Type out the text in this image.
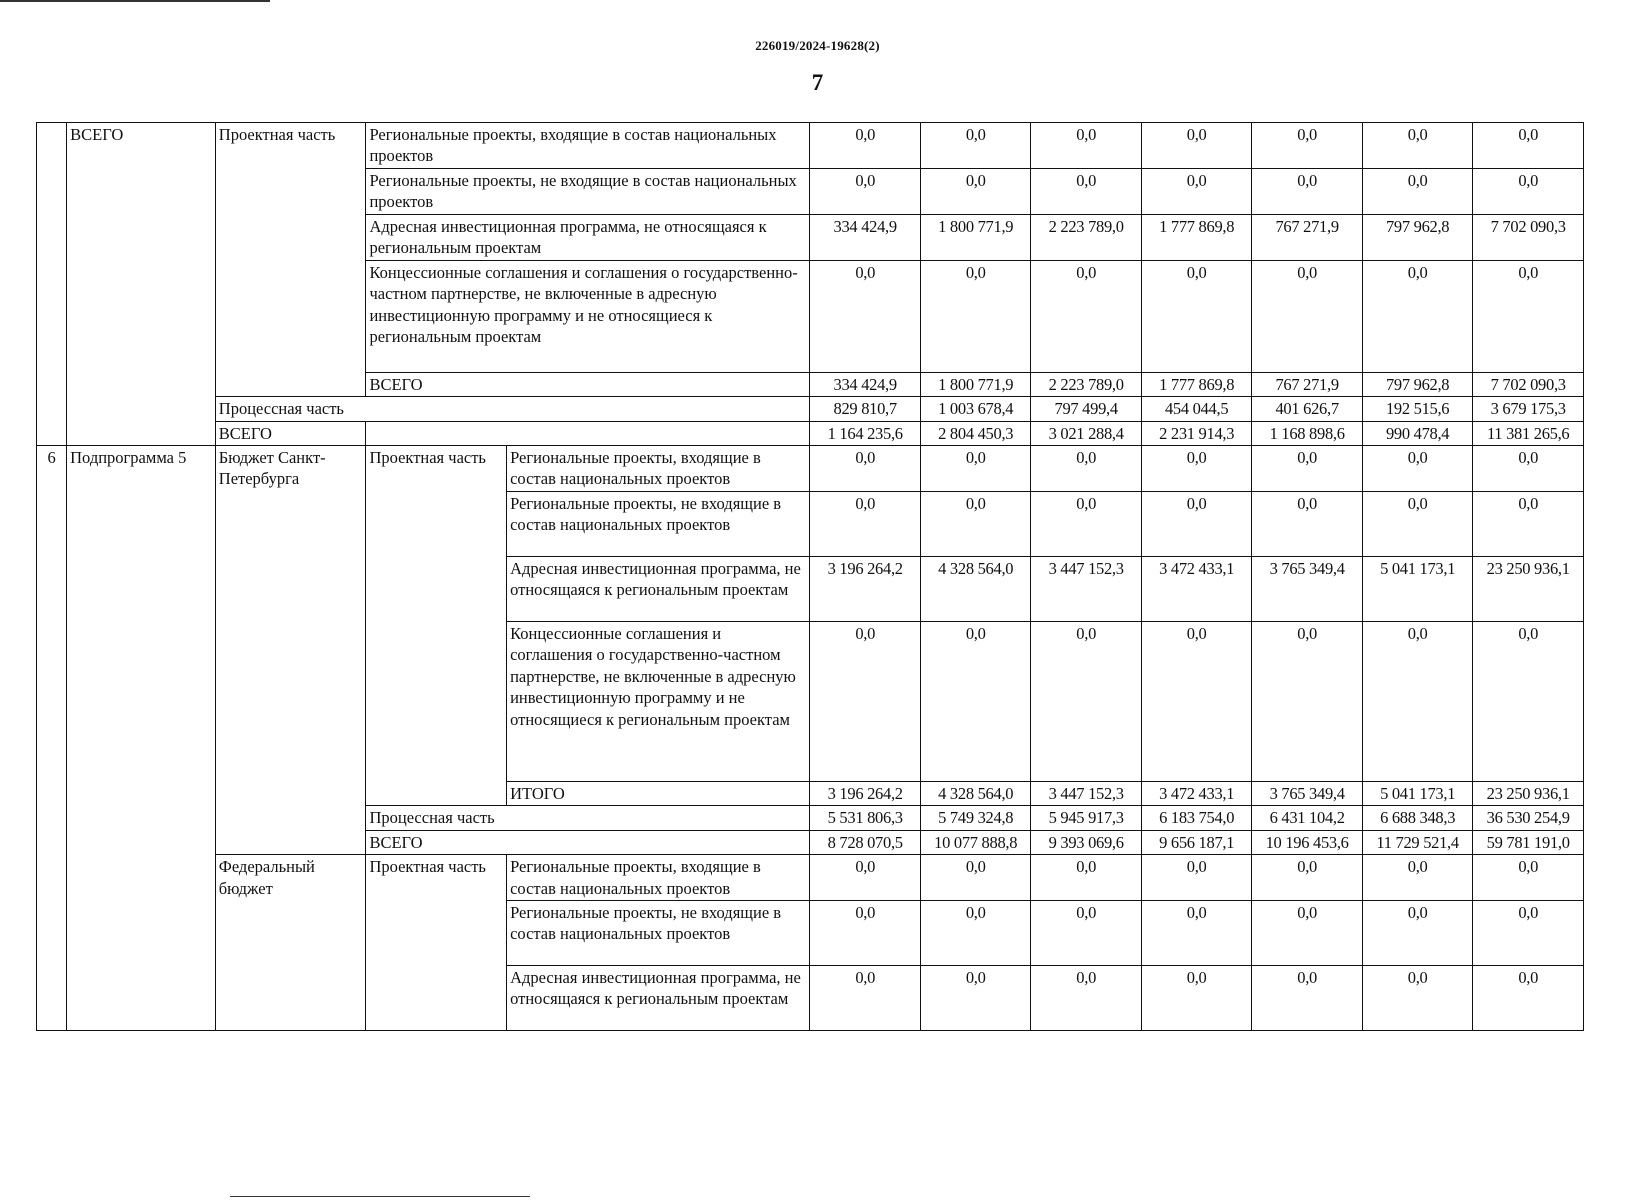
226019/2024-19628(2)
7
	ВСЕГО	Проектная часть	Региональные проекты, входящие в состав национальных проектов		0,0	0,0	0,0	0,0	0,0	0,0	0,0
			Региональные проекты, не входящие в состав национальных проектов		0,0	0,0	0,0	0,0	0,0	0,0	0,0
			Адресная инвестиционная программа, не относящаяся к региональным проектам		334 424,9	1 800 771,9	2 223 789,0	1 777 869,8	767 271,9	797 962,8	7 702 090,3
			Концессионные соглашения и соглашения о государственно-частном партнерстве, не включенные в адресную инвестиционную программу и не относящиеся к региональным проектам		0,0	0,0	0,0	0,0	0,0	0,0	0,0
			ВСЕГО		334 424,9	1 800 771,9	2 223 789,0	1 777 869,8	767 271,9	797 962,8	7 702 090,3
		Процессная часть			829 810,7	1 003 678,4	797 499,4	454 044,5	401 626,7	192 515,6	3 679 175,3
		ВСЕГО			1 164 235,6	2 804 450,3	3 021 288,4	2 231 914,3	1 168 898,6	990 478,4	11 381 265,6
6	Подпрограмма 5	Бюджет Санкт-Петербурга	Проектная часть	Региональные проекты, входящие в состав национальных проектов	0,0	0,0	0,0	0,0	0,0	0,0	0,0
				Региональные проекты, не входящие в состав национальных проектов	0,0	0,0	0,0	0,0	0,0	0,0	0,0
				Адресная инвестиционная программа, не относящаяся к региональным проектам	3 196 264,2	4 328 564,0	3 447 152,3	3 472 433,1	3 765 349,4	5 041 173,1	23 250 936,1
				Концессионные соглашения и соглашения о государственно-частном партнерстве, не включенные в адресную инвестиционную программу и не относящиеся к региональным проектам	0,0	0,0	0,0	0,0	0,0	0,0	0,0
				ИТОГО	3 196 264,2	4 328 564,0	3 447 152,3	3 472 433,1	3 765 349,4	5 041 173,1	23 250 936,1

			Процессная часть		5 531 806,3	5 749 324,8	5 945 917,3	6 183 754,0	6 431 104,2	6 688 348,3	36 530 254,9
			ВСЕГО		8 728 070,5	10 077 888,8	9 393 069,6	9 656 187,1	10 196 453,6	11 729 521,4	59 781 191,0
		Федеральный бюджет	Проектная часть	Региональные проекты, входящие в состав национальных проектов	0,0	0,0	0,0	0,0	0,0	0,0	0,0
				Региональные проекты, не входящие в состав национальных проектов	0,0	0,0	0,0	0,0	0,0	0,0	0,0
				Адресная инвестиционная программа, не относящаяся к региональным проектам	0,0	0,0	0,0	0,0	0,0	0,0	0,0
